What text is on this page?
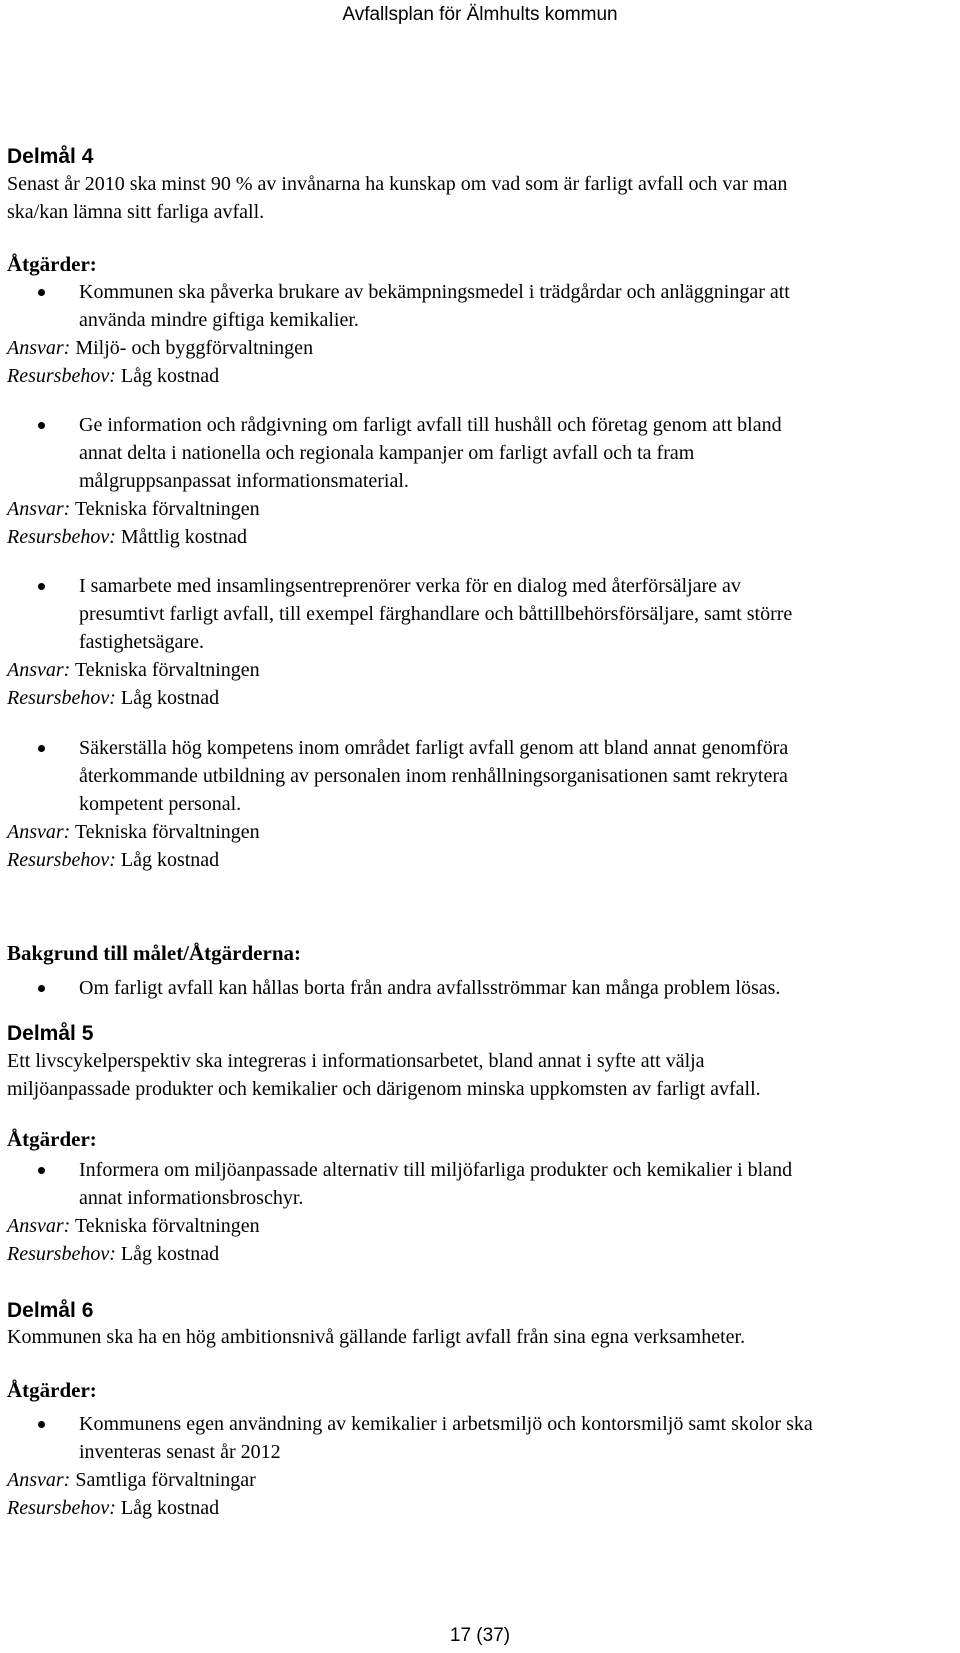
Avfallsplan för Älmhults kommun
Delmål 4
Senast år 2010 ska minst 90 % av invånarna ha kunskap om vad som är farligt avfall och var man
ska/kan lämna sitt farliga avfall.
Åtgärder:
Kommunen ska påverka brukare av bekämpningsmedel i trädgårdar och anläggningar att
använda mindre giftiga kemikalier.
Ansvar: Miljö- och byggförvaltningen
Resursbehov: Låg kostnad
Ge information och rådgivning om farligt avfall till hushåll och företag genom att bland
annat delta i nationella och regionala kampanjer om farligt avfall och ta fram
målgruppsanpassat informationsmaterial.
Ansvar: Tekniska förvaltningen
Resursbehov: Måttlig kostnad
I samarbete med insamlingsentreprenörer verka för en dialog med återförsäljare av
presumtivt farligt avfall, till exempel färghandlare och båttillbehörsförsäljare, samt större
fastighetsägare.
Ansvar: Tekniska förvaltningen
Resursbehov: Låg kostnad
Säkerställa hög kompetens inom området farligt avfall genom att bland annat genomföra
återkommande utbildning av personalen inom renhållningsorganisationen samt rekrytera
kompetent personal.
Ansvar: Tekniska förvaltningen
Resursbehov: Låg kostnad
Bakgrund till målet/Åtgärderna:
Om farligt avfall kan hållas borta från andra avfallsströmmar kan många problem lösas.
Delmål 5
Ett livscykelperspektiv ska integreras i informationsarbetet, bland annat i syfte att välja
miljöanpassade produkter och kemikalier och därigenom minska uppkomsten av farligt avfall.
Åtgärder:
Informera om miljöanpassade alternativ till miljöfarliga produkter och kemikalier i bland
annat informationsbroschyr.
Ansvar: Tekniska förvaltningen
Resursbehov: Låg kostnad
Delmål 6
Kommunen ska ha en hög ambitionsnivå gällande farligt avfall från sina egna verksamheter.
Åtgärder:
Kommunens egen användning av kemikalier i arbetsmiljö och kontorsmiljö samt skolor ska
inventeras senast år 2012
Ansvar: Samtliga förvaltningar
Resursbehov: Låg kostnad
17 (37)
